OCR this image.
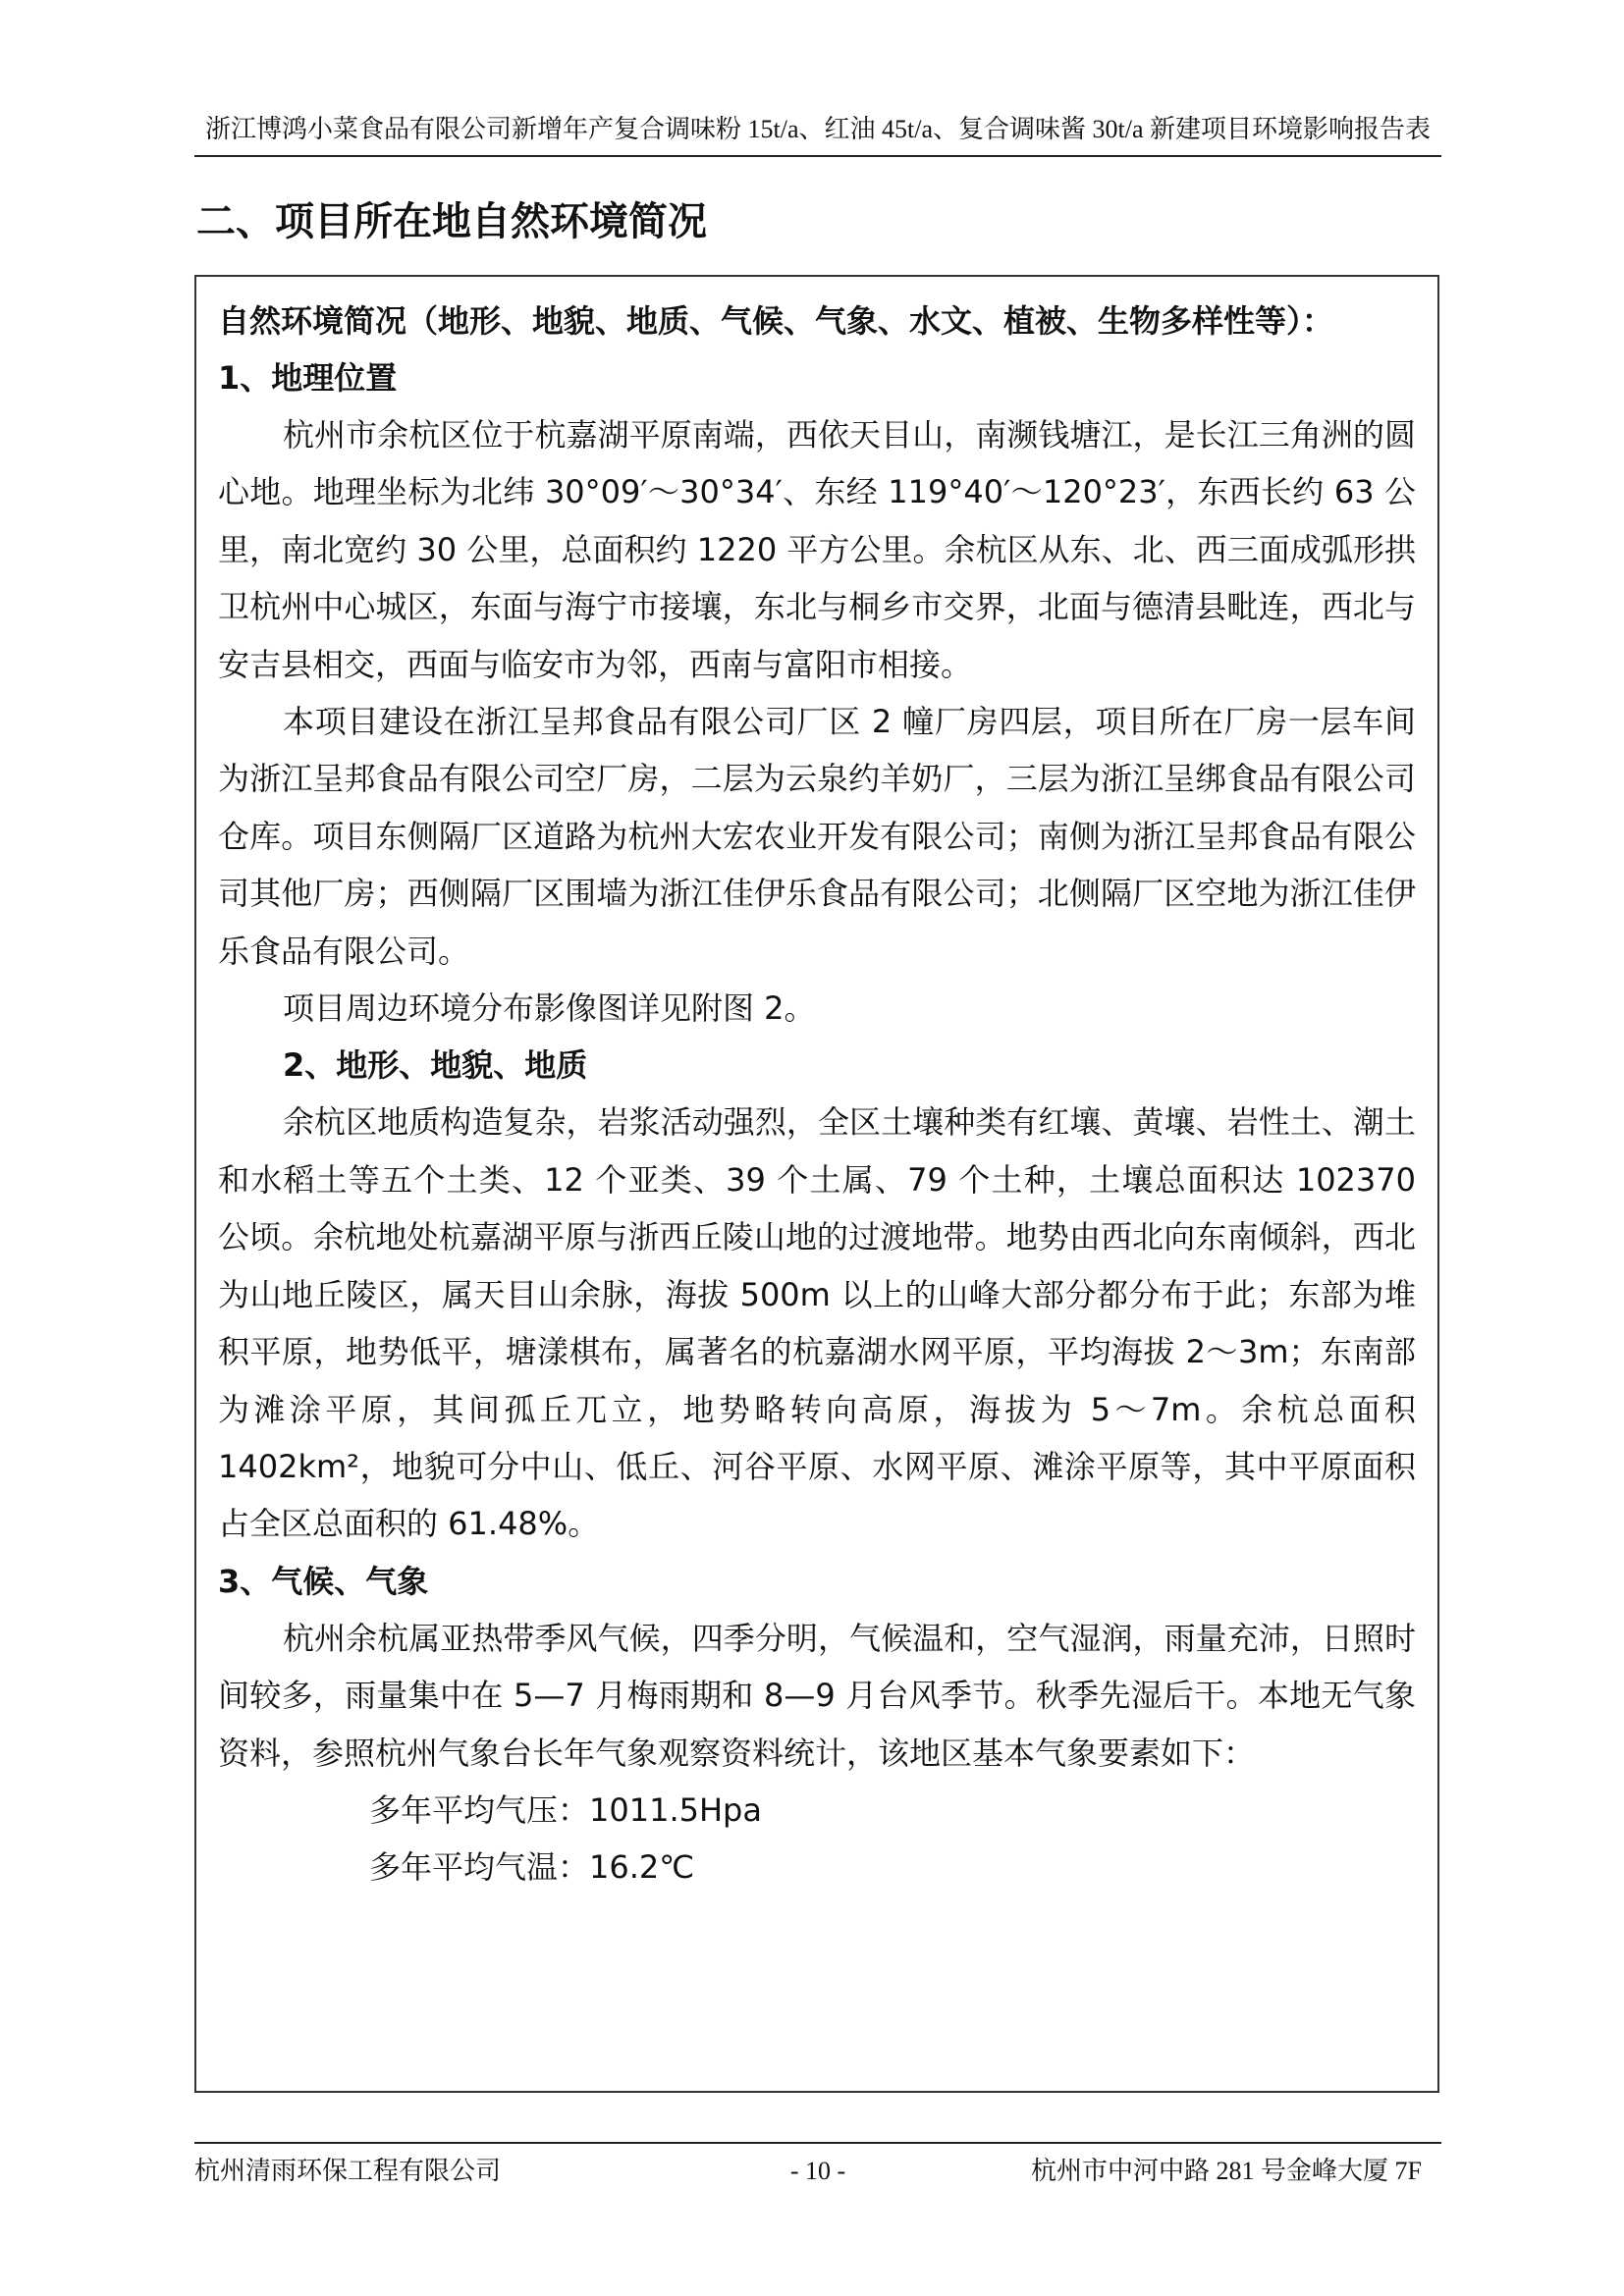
浙江博鸿小菜食品有限公司新增年产复合调味粉 15t/a、红油 45t/a、复合调味酱 30t/a 新建项目环境影响报告表
二、项目所在地自然环境简况

自然环境简况（地形、地貌、地质、气候、气象、水文、植被、生物多样性等）：

1、地理位置

杭州市余杭区位于杭嘉湖平原南端，西依天目山，南濒钱塘江，是长江三角洲的圆心地。地理坐标为北纬 30°09′～30°34′、东经 119°40′～120°23′，东西长约 63 公里，南北宽约 30 公里，总面积约 1220 平方公里。余杭区从东、北、西三面成弧形拱卫杭州中心城区，东面与海宁市接壤，东北与桐乡市交界，北面与德清县毗连，西北与安吉县相交，西面与临安市为邻，西南与富阳市相接。

本项目建设在浙江呈邦食品有限公司厂区 2 幢厂房四层，项目所在厂房一层车间为浙江呈邦食品有限公司空厂房，二层为云泉约羊奶厂，三层为浙江呈绑食品有限公司仓库。项目东侧隔厂区道路为杭州大宏农业开发有限公司；南侧为浙江呈邦食品有限公司其他厂房；西侧隔厂区围墙为浙江佳伊乐食品有限公司；北侧隔厂区空地为浙江佳伊乐食品有限公司。

项目周边环境分布影像图详见附图 2。

2、地形、地貌、地质

余杭区地质构造复杂，岩浆活动强烈，全区土壤种类有红壤、黄壤、岩性土、潮土和水稻土等五个土类、12 个亚类、39 个土属、79 个土种，土壤总面积达 102370 公顷。余杭地处杭嘉湖平原与浙西丘陵山地的过渡地带。地势由西北向东南倾斜，西北为山地丘陵区，属天目山余脉，海拔 500m 以上的山峰大部分都分布于此；东部为堆积平原，地势低平，塘漾棋布，属著名的杭嘉湖水网平原，平均海拔 2～3m；东南部为滩涂平原，其间孤丘兀立，地势略转向高原，海拔为 5～7m。余杭总面积 1402km²，地貌可分中山、低丘、河谷平原、水网平原、滩涂平原等，其中平原面积占全区总面积的 61.48%。

3、气候、气象

杭州余杭属亚热带季风气候，四季分明，气候温和，空气湿润，雨量充沛，日照时间较多，雨量集中在 5—7 月梅雨期和 8—9 月台风季节。秋季先湿后干。本地无气象资料，参照杭州气象台长年气象观察资料统计，该地区基本气象要素如下：

多年平均气压：1011.5Hpa

多年平均气温：16.2℃

杭州清雨环保工程有限公司	- 10 -	杭州市中河中路 281 号金峰大厦 7F
